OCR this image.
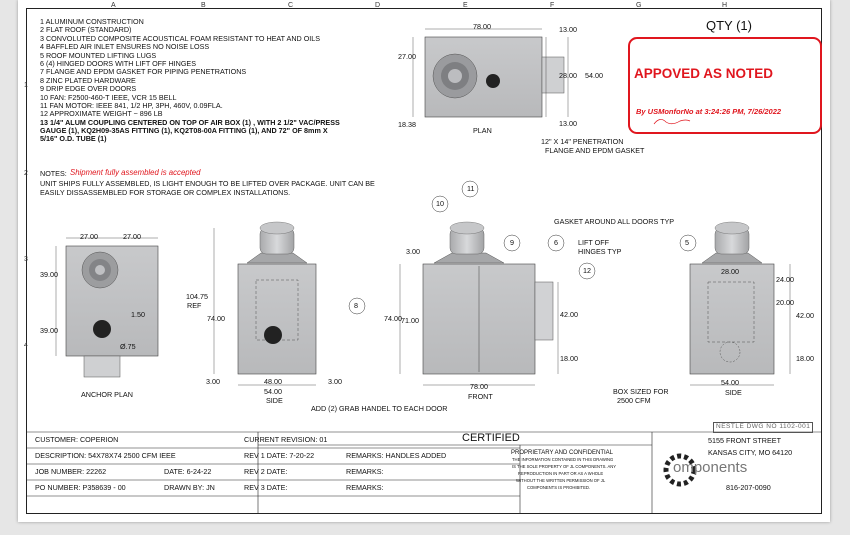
A	B	C	D	E	F	G	H
1
2
3
4
1 ALUMINUM CONSTRUCTION
2 FLAT ROOF (STANDARD)
3 CONVOLUTED COMPOSITE ACOUSTICAL FOAM RESISTANT TO HEAT AND OILS
4 BAFFLED AIR INLET ENSURES NO NOISE LOSS
5 ROOF MOUNTED LIFTING LUGS
6 (4) HINGED DOORS WITH LIFT OFF HINGES
7 FLANGE AND EPDM GASKET FOR PIPING PENETRATIONS
8 ZINC PLATED HARDWARE
9 DRIP EDGE OVER DOORS
10 FAN: F2500-460-T IEEE, VCR 15 BELL
11 FAN MOTOR: IEEE 841, 1/2 HP, 3PH, 460V, 0.09FLA.
12 APPROXIMATE WEIGHT ~ 896 LB
13 1/4" ALUM COUPLING CENTERED ON TOP OF AIR BOX (1) , WITH 2 1/2" VAC/PRESS
GAUGE (1), KQ2H09-35AS FITTING (1), KQ2T08-00A FITTING (1), AND 72" OF 8mm X
5/16" O.D. TUBE (1)
NOTES: Shipment fully assembled is accepted
UNIT SHIPS FULLY ASSEMBLED, IS LIGHT ENOUGH TO BE LIFTED OVER PACKAGE. UNIT CAN BE
EASILY DISSASSEMBLED FOR STORAGE OR COMPLEX INSTALLATIONS.
QTY (1)
APPOVED AS NOTED
By USMonforNo at 3:24:26 PM, 7/26/2022
78.00	13.00
27.00
28.00 54.00
13.00
18.38
PLAN
12" X 14" PENETRATION
FLANGE AND EPDM GASKET
27.00	27.00
39.00
39.00
1.50
Ø.75
ANCHOR PLAN
104.75
REF
74.00
3.00	48.00	3.00
54.00
SIDE
8
3.00
74.00 71.00
42.00
18.00
78.00
FRONT
GASKET AROUND ALL DOORS TYP
LIFT OFF
HINGES TYP
ADD (2) GRAB HANDEL TO EACH DOOR
10
11
9	6
12	28.00
24.00
20.00
42.00
18.00
54.00
SIDE
BOX SIZED FOR
2500 CFM
5
NESTLE DWG NO 1102-001
CUSTOMER: COPERION
DESCRIPTION: 54X78X74 2500 CFM IEEE
JOB NUMBER: 22262	DATE: 6-24-22
PO NUMBER: P358639 - 00	DRAWN BY: JN
CURRENT REVISION: 01	CERTIFIED
REV 1 DATE: 7-20-22	REMARKS: HANDLES ADDED
REV 2 DATE:	REMARKS:
REV 3 DATE:	REMARKS:
PROPRIETARY AND CONFIDENTIAL
THE INFORMATION CONTAINED IN THIS DRAWING
IS THE SOLE PROPERTY OF JL COMPONENTS. ANY
REPRODUCTION IN PART OR AS A WHOLE
WITHOUT THE WRITTEN PERMISSION OF JL
COMPONENTS IS PROHIBITED.
omponents
5155 FRONT STREET
KANSAS CITY, MO 64120
816-207-0090
